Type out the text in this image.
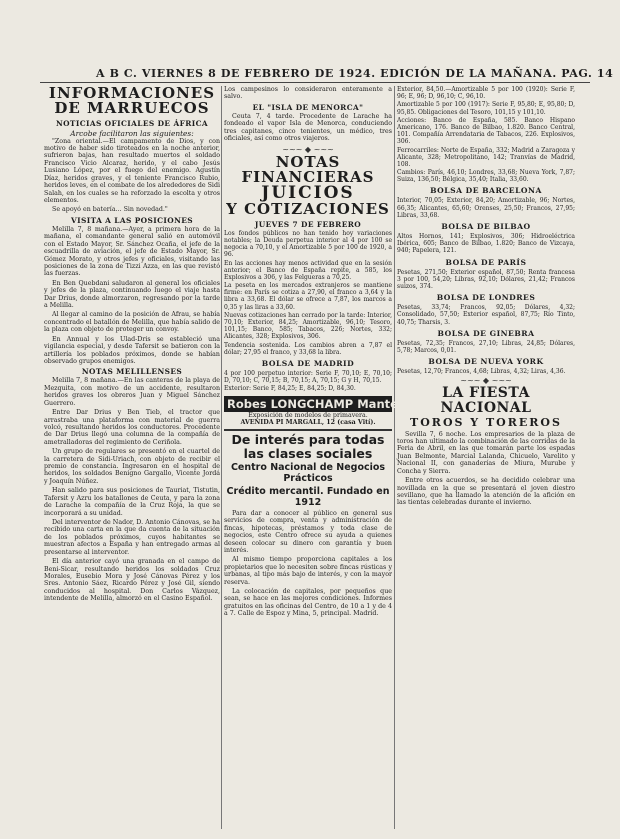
A B C. VIERNES 8 DE FEBRERO DE 1924. EDICIÓN DE LA MAÑANA. PAG. 14
INFORMACIONES
DE MARRUECOS
NOTICIAS OFICIALES DE ÁFRICA
Arcobe facilitaron las siguientes:

"Zona oriental.—El campamento de Dios, y con motivo de haber sido tiroteados en la noche anterior, sufrieron bajas, han resultado muertos el soldado Francisco Vicio Alcaraz, herido, y el cabo Jesús Lusiano López, por el fuego del enemigo. Agustín Díaz, heridos graves, y el teniente Francisco Rubio, heridos leves, en el combate de los alrededores de Sidi Salah, en los cuales se ha reforzado la escolta y otros elementos.

Se apoyó en batería... Sin novedad."

VISITA A LAS POSICIONES

Melilla 7, 8 mañana.—Ayer, a primera hora de la mañana, el comandante general salió en automóvil con el Estado Mayor, Sr. Sánchez Ocaña, el jefe de la escuadrilla de aviación, el jefe de Estado Mayor, Sr. Gómez Morato, y otros jefes y oficiales, visitando las posiciones de la zona de Tizzi Azza, en las que revistó las fuerzas.

En Ben Quebdani saludaron al general los oficiales y jefes de la plaza, continuando luego el viaje hasta Dar Drius, donde almorzaron, regresando por la tarde a Melilla.

Al llegar al camino de la posición de Afrau, se había concentrado el batallón de Melilla, que había salido de la plaza con objeto de proteger un convoy.

En Annual y los Ulad-Dris se estableció una vigilancia especial, y desde Tafersit se batieron con la artillería los poblados próximos, donde se habían observado grupos enemigos.

NOTAS MELILLENSES

Melilla 7, 8 mañana.—En las canteras de la playa de Mezquita, con motivo de un accidente, resultaron heridos graves los obreros Juan y Miguel Sánchez Guerrero.

Entre Dar Drius y Ben Tieb, el tractor que arrastraba una plataforma con material de guerra volcó, resultando heridos los conductores. Procedente de Dar Drius llegó una columna de la compañía de ametralladoras del regimiento de Ceriñola.

Un grupo de regulares se presentó en el cuartel de la carretera de Sidi-Uriach, con objeto de recibir el premio de constancia. Ingresaron en el hospital de heridos, los soldados Benigno Gargallo, Vicente Jordá y Joaquín Núñez.

Han salido para sus posiciones de Tauriat, Tistutin, Tafersit y Azru los batallones de Ceuta, y para la zona de Larache la compañía de la Cruz Roja, la que se incorporará a su unidad.

Del interventor de Nador, D. Antonio Cánovas, se ha recibido una carta en la que da cuenta de la situación de los poblados próximos, cuyos habitantes se muestran afectos a España y han entregado armas al presentarse al interventor.

El día anterior cayó una granada en el campo de Beni-Sicar, resultando heridos los soldados Cruz Morales, Eusebio Mora y José Cánovas Pérez y los Sres. Antonio Sáez, Ricardo Pérez y José Gil, siendo conducidos al hospital. Don Carlos Vázquez, intendente de Melilla, almorzó en el Casino Español.

Los campesinos lo consideraron enteramente a salvo.

EL "ISLA DE MENORCA"

Ceuta 7, 4 tarde. Procedente de Larache ha fondeado el vapor Isla de Menorca, conduciendo tres capitanes, cinco tenientes, un médico, tres oficiales, así como otros viajeros.

~~~ ◆ ~~~
NOTAS FINANCIERAS
JUICIOS
Y COTIZACIONES
JUEVES 7 DE FEBRERO

Los fondos públicos no han tenido hoy variaciones notables; la Deuda perpetua interior al 4 por 100 se negocia a 70,10, y el Amortizable 5 por 100 de 1920, a 96.

En las acciones hay menos actividad que en la sesión anterior; el Banco de España repite, a 585, los Explosivos a 306, y las Felgueras a 70,25.

La peseta en los mercados extranjeros se mantiene firme: en París se cotiza a 27,90, el franco a 3,64 y la libra a 33,68. El dólar se ofrece a 7,87, los marcos a 0,35 y las liras a 33,60.

Nuevas cotizaciones han cerrado por la tarde: Interior, 70,10; Exterior, 84,25; Amortizable, 96,10; Tesoro, 101,15; Banco, 585; Tabacos, 226; Nortes, 332; Alicantes, 328; Explosivos, 306.

Tendencia sostenida. Los cambios abren a 7,87 el dólar; 27,95 el franco, y 33,68 la libra.

BOLSA DE MADRID

4 por 100 perpetuo interior: Serie F, 70,10; E, 70,10; D, 70,10; C, 70,15; B, 70,15; A, 70,15; G y H, 70,15.

Exterior: Serie F, 84,25; E, 84,25; D, 84,30.

Robes LONGCHAMP Manteaux
Exposición de modelos de primavera.
AVENIDA PI MARGALL, 12 (casa Vití).
De interés para todas las clases sociales
Centro Nacional de Negocios Prácticos
Crédito mercantil. Fundado en 1912

Para dar a conocer al público en general sus servicios de compra, venta y administración de fincas, hipotecas, préstamos y toda clase de negocios, este Centro ofrece su ayuda a quienes deseen colocar su dinero con garantía y buen interés.

Al mismo tiempo proporciona capitales a los propietarios que lo necesiten sobre fincas rústicas y urbanas, al tipo más bajo de interés, y con la mayor reserva.

La colocación de capitales, por pequeños que sean, se hace en las mejores condiciones. Informes gratuitos en las oficinas del Centro, de 10 a 1 y de 4 a 7. Calle de Espoz y Mina, 5, principal. Madrid.

Exterior, 84,50.—Amortizable 5 por 100 (1920): Serie F, 96; E, 96; D, 96,10; C, 96,10.

Amortizable 5 por 100 (1917): Serie F, 95,80; E, 95,80; D, 95,85. Obligaciones del Tesoro, 101,15 y 101,10.

Acciones: Banco de España, 585. Banco Hispano Americano, 176. Banco de Bilbao, 1.820. Banco Central, 101. Compañía Arrendataria de Tabacos, 226. Explosivos, 306.

Ferrocarriles: Norte de España, 332; Madrid a Zaragoza y Alicante, 328; Metropolitano, 142; Tranvías de Madrid, 108.

Cambios: París, 46,10; Londres, 33,68; Nueva York, 7,87; Suiza, 136,50; Bélgica, 35,40; Italia, 33,60.

BOLSA DE BARCELONA

Interior, 70,05; Exterior, 84,20; Amortizable, 96; Nortes, 66,35; Alicantes, 65,60; Orenses, 25,50; Francos, 27,95; Libras, 33,68.

BOLSA DE BILBAO

Altos Hornos, 141; Explosivos, 306; Hidroeléctrica Ibérica, 605; Banco de Bilbao, 1.820; Banco de Vizcaya, 940; Papelera, 121.

BOLSA DE PARÍS

Pesetas, 271,50; Exterior español, 87,50; Renta francesa 3 por 100, 54,20; Libras, 92,10; Dólares, 21,42; Francos suizos, 374.

BOLSA DE LONDRES

Pesetas, 33,74; Francos, 92,05; Dólares, 4,32; Consolidado, 57,50; Exterior español, 87,75; Río Tinto, 40,75; Tharsis, 3.

BOLSA DE GINEBRA

Pesetas, 72,35; Francos, 27,10; Libras, 24,85; Dólares, 5,78; Marcos, 0,01.

BOLSA DE NUEVA YORK

Pesetas, 12,70; Francos, 4,68; Libras, 4,32; Liras, 4,36.

~~~ ◆ ~~~
LA FIESTA NACIONAL
TOROS Y TOREROS

Sevilla 7, 6 noche. Los empresarios de la plaza de toros han ultimado la combinación de las corridas de la Feria de Abril, en las que tomarán parte los espadas Juan Belmonte, Marcial Lalanda, Chicuelo, Varelito y Nacional II, con ganaderías de Miura, Murube y Concha y Sierra.

Entre otros acuerdos, se ha decidido celebrar una novillada en la que se presentará el joven diestro sevillano, que ha llamado la atención de la afición en las tientas celebradas durante el invierno.
